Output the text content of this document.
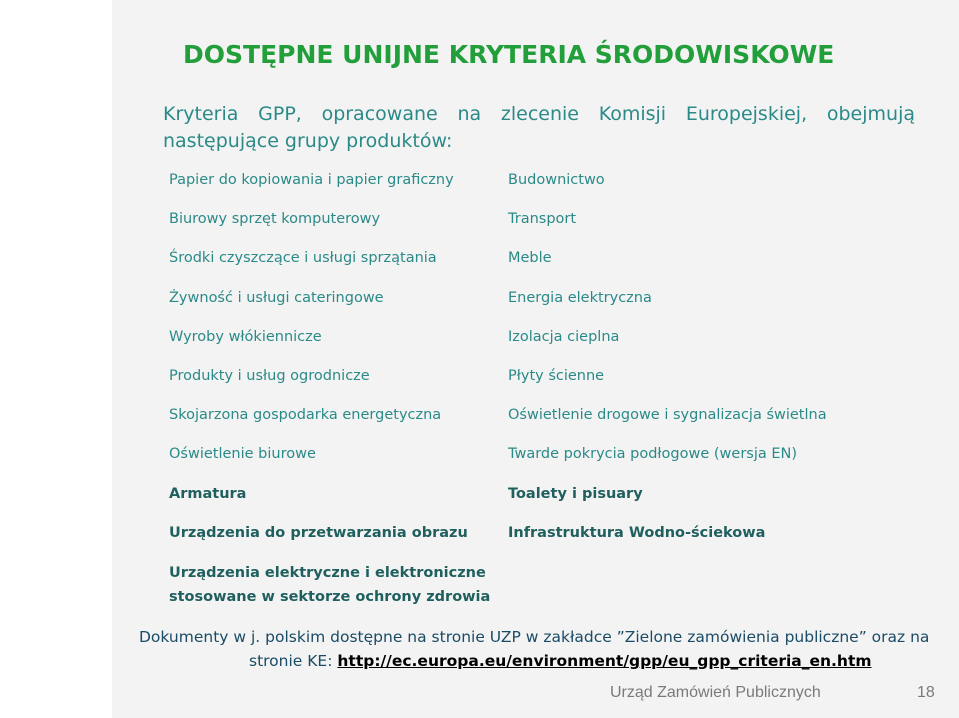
DOSTĘPNE UNIJNE KRYTERIA ŚRODOWISKOWE
Kryteria GPP, opracowane na zlecenie Komisji Europejskiej, obejmują następujące grupy produktów:
Papier do kopiowania i papier graficzny
Biurowy sprzęt komputerowy
Środki czyszczące i usługi sprzątania
Żywność i usługi cateringowe
Wyroby włókiennicze
Produkty i usług ogrodnicze
Skojarzona gospodarka energetyczna
Oświetlenie biurowe
Armatura
Urządzenia do przetwarzania obrazu
Budownictwo
Transport
Meble
Energia elektryczna
Izolacja cieplna
Płyty ścienne
Oświetlenie drogowe i sygnalizacja świetlna
Twarde pokrycia podłogowe (wersja EN)
Toalety i pisuary
Infrastruktura Wodno-ściekowa
Urządzenia elektryczne i elektroniczne
stosowane w sektorze ochrony zdrowia
Dokumenty w j. polskim dostępne na stronie UZP w zakładce ”Zielone zamówienia publiczne” oraz na
stronie KE: http://ec.europa.eu/environment/gpp/eu_gpp_criteria_en.htm
Urząd Zamówień Publicznych	18
